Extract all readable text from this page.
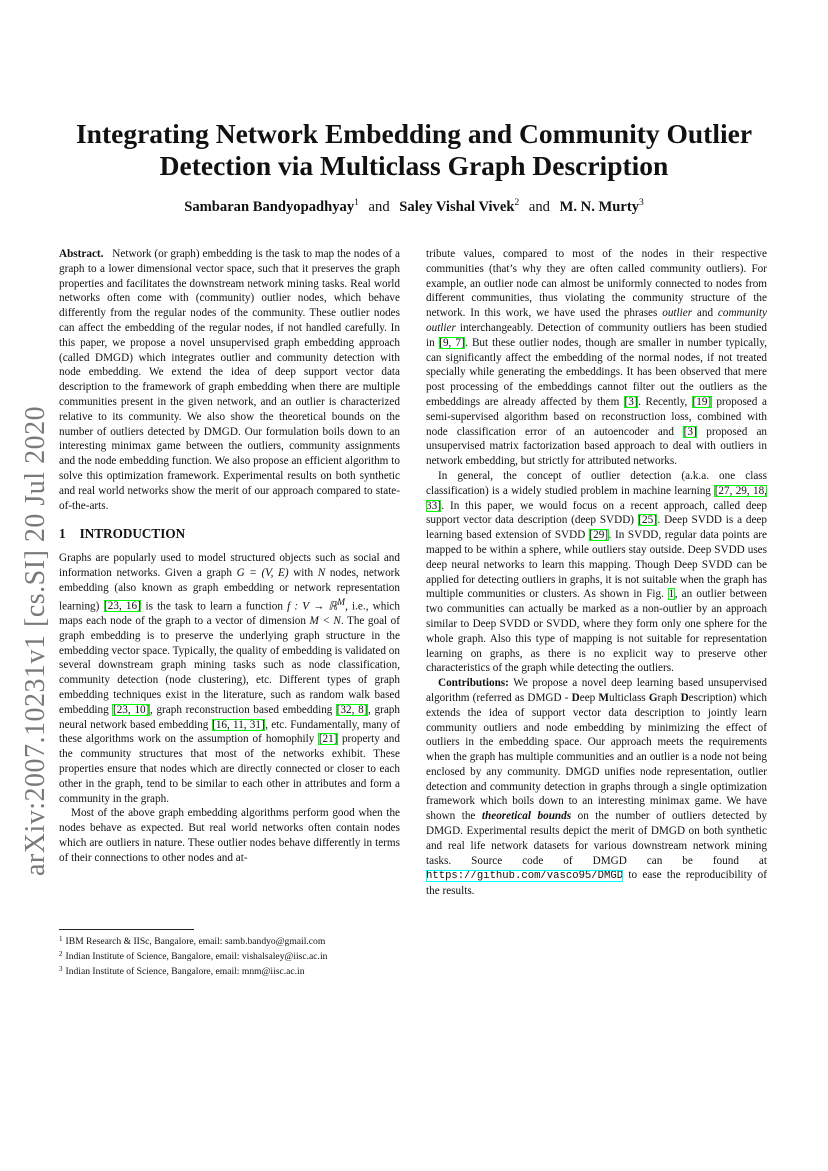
arXiv:2007.10231v1 [cs.SI] 20 Jul 2020
Integrating Network Embedding and Community Outlier
Detection via Multiclass Graph Description
Sambaran Bandyopadhyay$^1$ and Saley Vishal Vivek$^2$ and M. N. Murty$^3$

Abstract. Network (or graph) embedding is the task to map the nodes of a graph to a lower dimensional vector space, such that it preserves the graph properties and facilitates the downstream network mining tasks. Real world networks often come with (community) outlier nodes, which behave differently from the regular nodes of the community. These outlier nodes can affect the embedding of the regular nodes, if not handled carefully. In this paper, we propose a novel unsupervised graph embedding approach (called DMGD) which integrates outlier and community detection with node embedding. We extend the idea of deep support vector data description to the framework of graph embedding when there are multiple communities present in the given network, and an outlier is characterized relative to its community. We also show the theoretical bounds on the number of outliers detected by DMGD. Our formulation boils down to an interesting minimax game between the outliers, community assignments and the node embedding function. We also propose an efficient algorithm to solve this optimization framework. Experimental results on both synthetic and real world networks show the merit of our approach compared to state-of-the-arts.

1 INTRODUCTION

Graphs are popularly used to model structured objects such as social and information networks. Given a graph G = (V, E) with N nodes, network embedding (also known as graph embedding or network representation learning) [23, 16] is the task to learn a function f : V → ℝ$^M$, i.e., which maps each node of the graph to a vector of dimension M < N. The goal of graph embedding is to preserve the underlying graph structure in the embedding vector space. Typically, the quality of embedding is validated on several downstream graph mining tasks such as node classification, community detection (node clustering), etc. Different types of graph embedding techniques exist in the literature, such as random walk based embedding [23, 10], graph reconstruction based embedding [32, 8], graph neural network based embedding [16, 11, 31], etc. Fundamentally, many of these algorithms work on the assumption of homophily [21] property and the community structures that most of the networks exhibit. These properties ensure that nodes which are directly connected or closer to each other in the graph, tend to be similar to each other in attributes and form a community in the graph.

Most of the above graph embedding algorithms perform good when the nodes behave as expected. But real world networks often contain nodes which are outliers in nature. These outlier nodes behave differently in terms of their connections to other nodes and at-

$^1$ IBM Research & IISc, Bangalore, email: samb.bandyo@gmail.com
$^2$ Indian Institute of Science, Bangalore, email: vishalsaley@iisc.ac.in
$^3$ Indian Institute of Science, Bangalore, email: mnm@iisc.ac.in

tribute values, compared to most of the nodes in their respective communities (that’s why they are often called community outliers). For example, an outlier node can almost be uniformly connected to nodes from different communities, thus violating the community structure of the network. In this work, we have used the phrases outlier and community outlier interchangeably. Detection of community outliers has been studied in [9, 7]. But these outlier nodes, though are smaller in number typically, can significantly affect the embedding of the normal nodes, if not treated specially while generating the embeddings. It has been observed that mere post processing of the embeddings cannot filter out the outliers as the embeddings are already affected by them [3]. Recently, [19] proposed a semi-supervised algorithm based on reconstruction loss, combined with node classification error of an autoencoder and [3] proposed an unsupervised matrix factorization based approach to deal with outliers in network embedding, but strictly for attributed networks.

In general, the concept of outlier detection (a.k.a. one class classification) is a widely studied problem in machine learning [27, 29, 18, 33]. In this paper, we would focus on a recent approach, called deep support vector data description (deep SVDD) [25]. Deep SVDD is a deep learning based extension of SVDD [29]. In SVDD, regular data points are mapped to be within a sphere, while outliers stay outside. Deep SVDD uses deep neural networks to learn this mapping. Though Deep SVDD can be applied for detecting outliers in graphs, it is not suitable when the graph has multiple communities or clusters. As shown in Fig. 1, an outlier between two communities can actually be marked as a non-outlier by an approach similar to Deep SVDD or SVDD, where they form only one sphere for the whole graph. Also this type of mapping is not suitable for representation learning on graphs, as there is no explicit way to preserve other characteristics of the graph while detecting the outliers.

Contributions: We propose a novel deep learning based unsupervised algorithm (referred as DMGD - Deep Multiclass Graph Description) which extends the idea of support vector data description to jointly learn community outliers and node embedding by minimizing the effect of outliers in the embedding space. Our approach meets the requirements when the graph has multiple communities and an outlier is a node not being enclosed by any community. DMGD unifies node representation, outlier detection and community detection in graphs through a single optimization framework which boils down to an interesting minimax game. We have shown the theoretical bounds on the number of outliers detected by DMGD. Experimental results depict the merit of DMGD on both synthetic and real life network datasets for various downstream network mining tasks. Source code of DMGD can be found at https://github.com/vasco95/DMGD to ease the reproducibility of the results.
